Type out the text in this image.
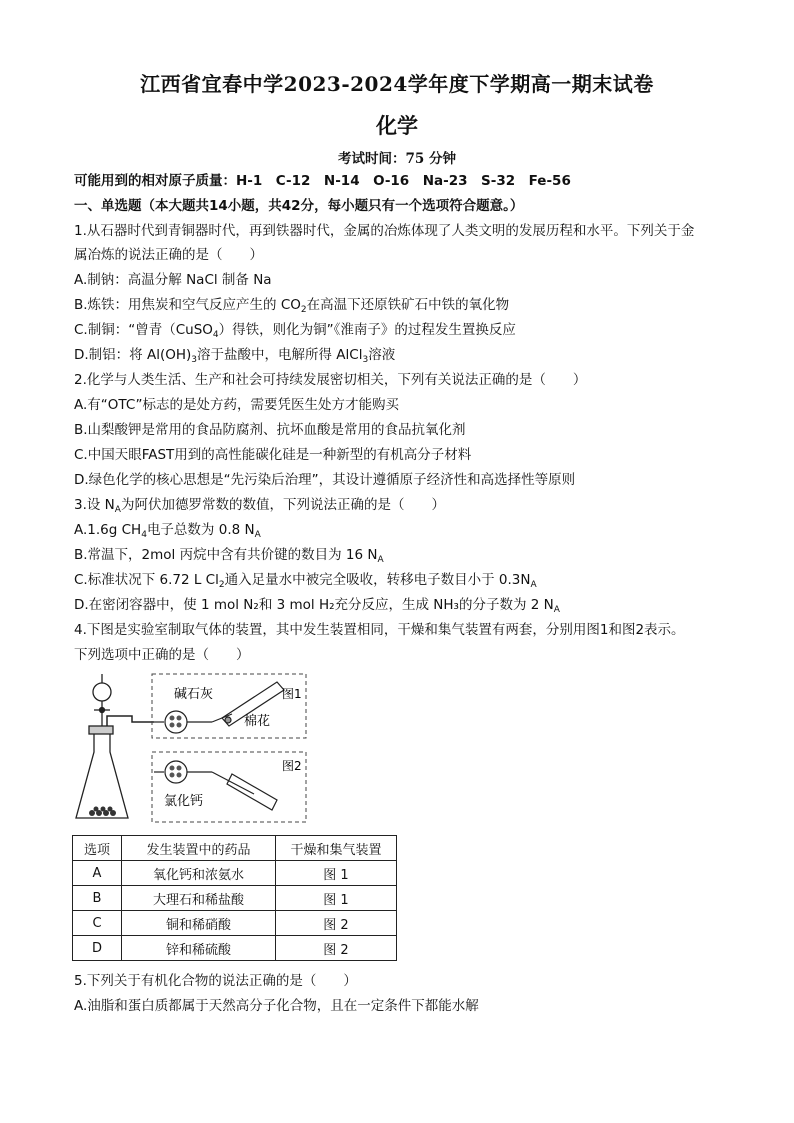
江西省宜春中学2023-2024学年度下学期高一期末试卷
化学
考试时间：75 分钟
可能用到的相对原子质量：H-1　C-12　N-14　O-16　Na-23　S-32　Fe-56
一、单选题（本大题共14小题，共42分，每小题只有一个选项符合题意。）
1.从石器时代到青铜器时代，再到铁器时代，金属的冶炼体现了人类文明的发展历程和水平。下列关于金
属冶炼的说法正确的是（　　）
A.制钠：高温分解 NaCl 制备 Na
B.炼铁：用焦炭和空气反应产生的 $CO_2$在高温下还原铁矿石中铁的氧化物
C.制铜：“曾青（CuSO$_4$）得铁，则化为铜”《淮南子》的过程发生置换反应
D.制铝：将 $Al(OH)_3$溶于盐酸中，电解所得 AlCl$_3$溶液
2.化学与人类生活、生产和社会可持续发展密切相关，下列有关说法正确的是（　　）
A.有“OTC”标志的是处方药，需要凭医生处方才能购买
B.山梨酸钾是常用的食品防腐剂、抗坏血酸是常用的食品抗氧化剂
C.中国天眼FAST用到的高性能碳化硅是一种新型的有机高分子材料
D.绿色化学的核心思想是“先污染后治理”，其设计遵循原子经济性和高选择性等原则
3.设 $N_A$为阿伏加德罗常数的数值，下列说法正确的是（　　）
A.1.6g $CH_4$电子总数为 0.8 $N_A$
B.常温下，2mol 丙烷中含有共价键的数目为 16 $N_A$
C.标准状况下 6.72 L $Cl_2$通入足量水中被完全吸收，转移电子数目小于 $0.3N_A$
D.在密闭容器中，使 1 mol N₂和 3 mol H₂充分反应，生成 NH₃的分子数为 2 $N_A$
4.下图是实验室制取气体的装置，其中发生装置相同，干燥和集气装置有两套，分别用图1和图2表示。
下列选项中正确的是（　　）
碱石灰
棉花
图1
氯化钙
图2
选项	发生装置中的药品	干燥和集气装置
A	氧化钙和浓氨水	图 1
B	大理石和稀盐酸	图 1
C	铜和稀硝酸	图 2
D	锌和稀硫酸	图 2
5.下列关于有机化合物的说法正确的是（　　）
A.油脂和蛋白质都属于天然高分子化合物，且在一定条件下都能水解
